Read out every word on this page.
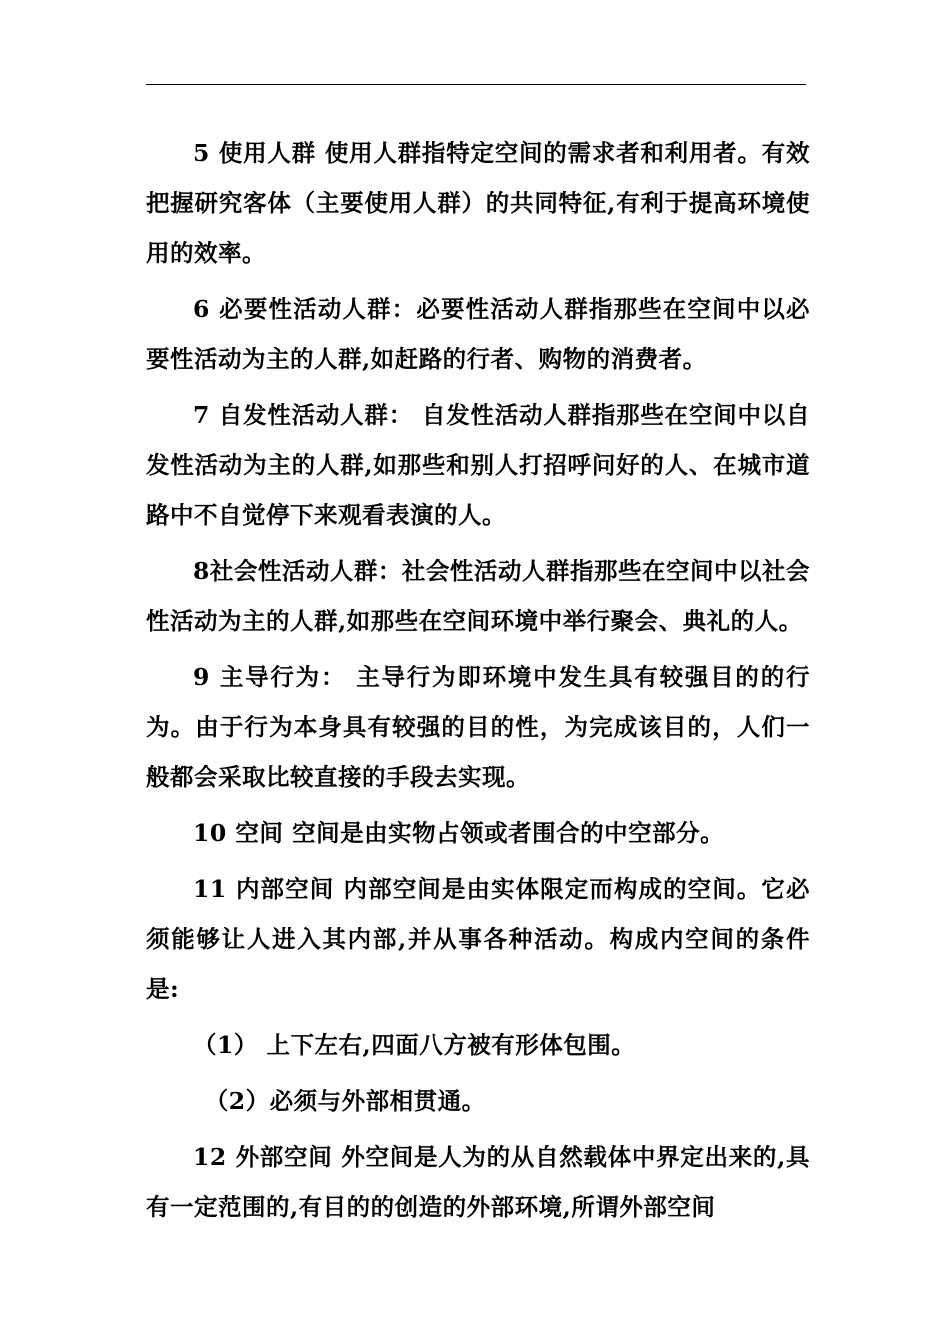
5 使用人群 使用人群指特定空间的需求者和利用者。有效把握研究客体（主要使用人群）的共同特征,有利于提高环境使用的效率。

6 必要性活动人群：必要性活动人群指那些在空间中以必要性活动为主的人群,如赶路的行者、购物的消费者。

7 自发性活动人群： 自发性活动人群指那些在空间中以自发性活动为主的人群,如那些和别人打招呼问好的人、在城市道路中不自觉停下来观看表演的人。

8社会性活动人群：社会性活动人群指那些在空间中以社会性活动为主的人群,如那些在空间环境中举行聚会、典礼的人。

9 主导行为： 主导行为即环境中发生具有较强目的的行为。由于行为本身具有较强的目的性，为完成该目的，人们一般都会采取比较直接的手段去实现。

10 空间 空间是由实物占领或者围合的中空部分。

11 内部空间 内部空间是由实体限定而构成的空间。它必须能够让人进入其内部,并从事各种活动。构成内空间的条件是:

（1） 上下左右,四面八方被有形体包围。

（2）必须与外部相贯通。

12 外部空间 外空间是人为的从自然载体中界定出来的,具有一定范围的,有目的的创造的外部环境,所谓外部空间
